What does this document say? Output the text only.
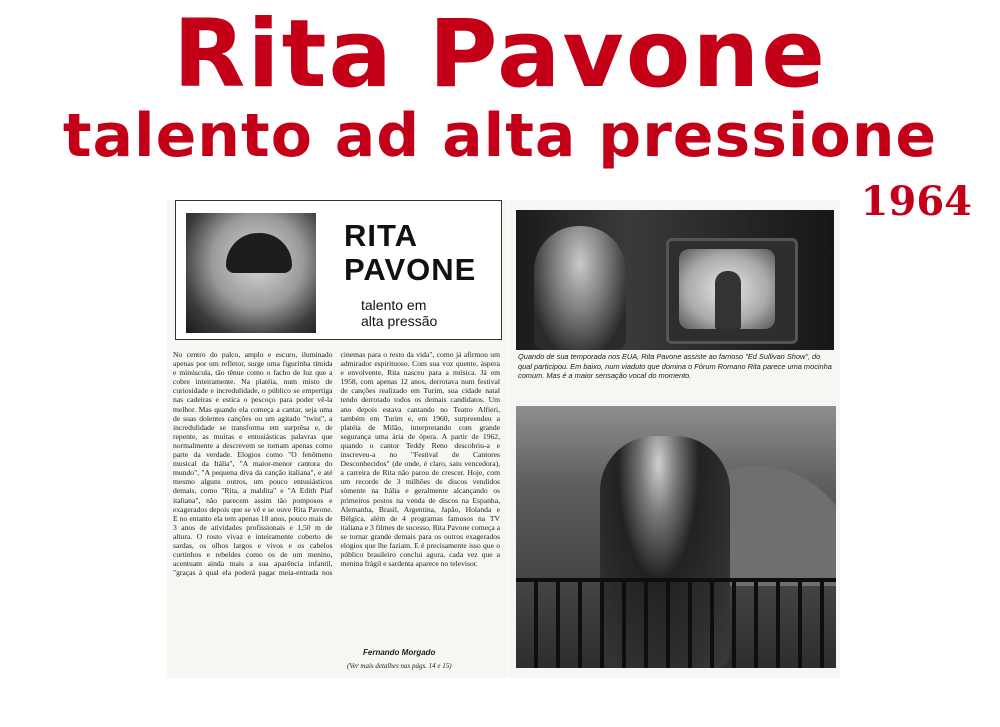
Rita Pavone
talento ad alta pressione
1964
RITA
PAVONE
talento em
alta pressão
No centro do palco, amplo e escuro, iluminado apenas por um refletor, surge uma figurinha tímida e minúscula, tão tênue como o facho de luz que a cobre inteiramente. Na platéia, num misto de curiosidade e incredulidade, o público se empertiga nas cadeiras e estica o pescoço para poder vê-la melhor. Mas quando ela começa a cantar, seja uma de suas dolentes canções ou um agitado "twist", a incredulidade se transforma em surprêsa e, de repente, as muitas e entusiásticas palavras que normalmente a descrevem se tornam apenas como parte da verdade. Elogios como "O fenômeno musical da Itália", "A maior-menor cantora do mundo", "A pequena diva da canção italiana", e até mesmo alguns outros, um pouco entusiásticos demais, como "Rita, a maldita" e "A Edith Piaf italiana", não parecem assim tão pomposos e exagerados depois que se vê e se ouve Rita Pavone. E no entanto ela tem apenas 18 anos, pouco mais de 3 anos de atividades profissionais e 1,50 m de altura. O rosto vivaz e inteiramente coberto de sardas, os olhos largos e vivos e os cabelos curtinhos e rebeldes como os de um menino, acentuam ainda mais a sua aparência infantil, "graças à qual ela poderá pagar meia-entrada nos cinemas para o resto da vida", como já afirmou um admirador espirituoso. Com sua voz quente, áspera e envolvente, Rita nasceu para a música. Já em 1958, com apenas 12 anos, derrotava num festival de canções realizado em Turim, sua cidade natal tendo derrotado todos os demais candidatos. Um ano depois estava cantando no Teatro Alfieri, também em Turim e, em 1960, surpreendeu a platéia de Milão, interpretando com grande segurança uma ária de ópera. A partir de 1962, quando o cantor Teddy Reno descobriu-a e inscreveu-a no "Festival de Cantores Desconhecidos" (de onde, é claro, saiu vencedora), a carreira de Rita não parou de crescer. Hoje, com um recorde de 3 milhões de discos vendidos sòmente na Itália e geralmente alcançando os primeiros postos na venda de discos na Espanha, Alemanha, Brasil, Argentina, Japão, Holanda e Bélgica, além de 4 programas famosos na TV italiana e 3 filmes de sucesso, Rita Pavone começa a se tornar grande demais para os outros exagerados elogios que lhe faziam. E é precisamente isso que o público brasileiro conclui agora, cada vez que a menina frágil e sardenta aparece no televisor.
Fernando Morgado
(Ver mais detalhes nas págs. 14 e 15)
Quando de sua temporada nos EUA, Rita Pavone assiste ao famoso "Ed Sullivan Show", do qual participou. Em baixo, num viaduto que domina o Fórum Romano Rita parece uma mocinha comum. Mas é a maior sensação vocal do momento.
